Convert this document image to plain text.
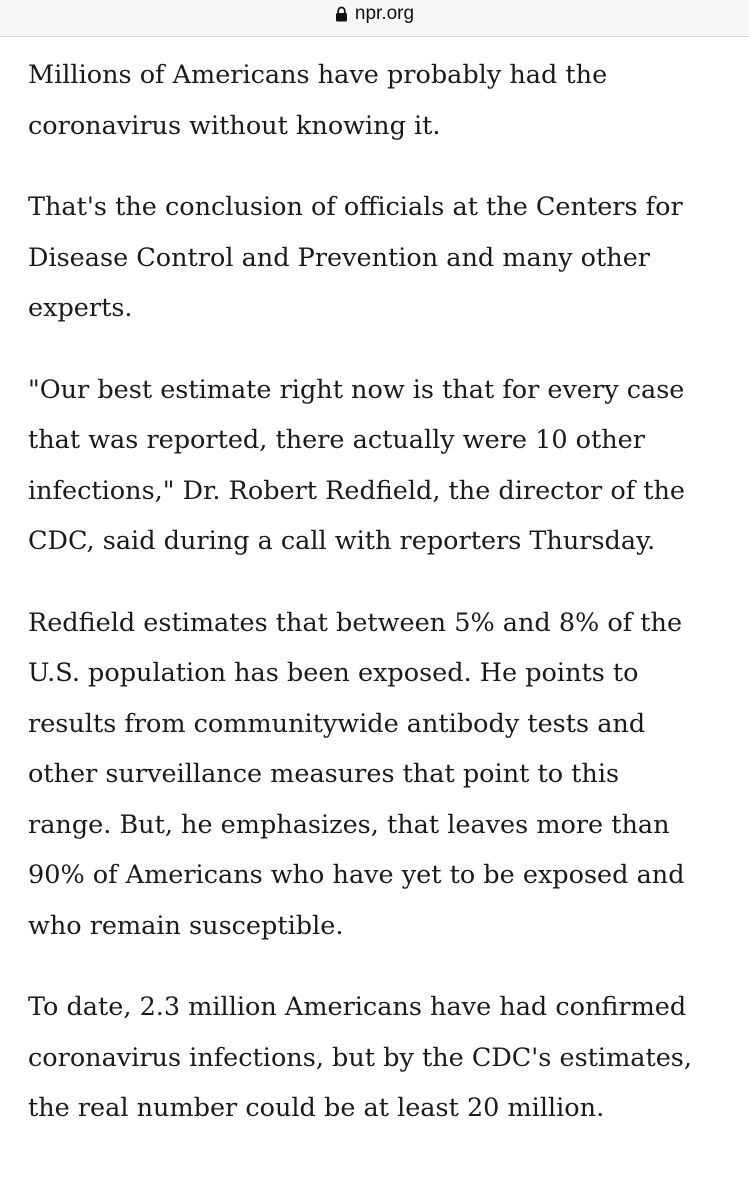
npr.org

Millions of Americans have probably had the
coronavirus without knowing it.

That's the conclusion of officials at the Centers for
Disease Control and Prevention and many other
experts.

"Our best estimate right now is that for every case
that was reported, there actually were 10 other
infections," Dr. Robert Redfield, the director of the
CDC, said during a call with reporters Thursday.

Redfield estimates that between 5% and 8% of the
U.S. population has been exposed. He points to
results from communitywide antibody tests and
other surveillance measures that point to this
range. But, he emphasizes, that leaves more than
90% of Americans who have yet to be exposed and
who remain susceptible.

To date, 2.3 million Americans have had confirmed
coronavirus infections, but by the CDC's estimates,
the real number could be at least 20 million.
